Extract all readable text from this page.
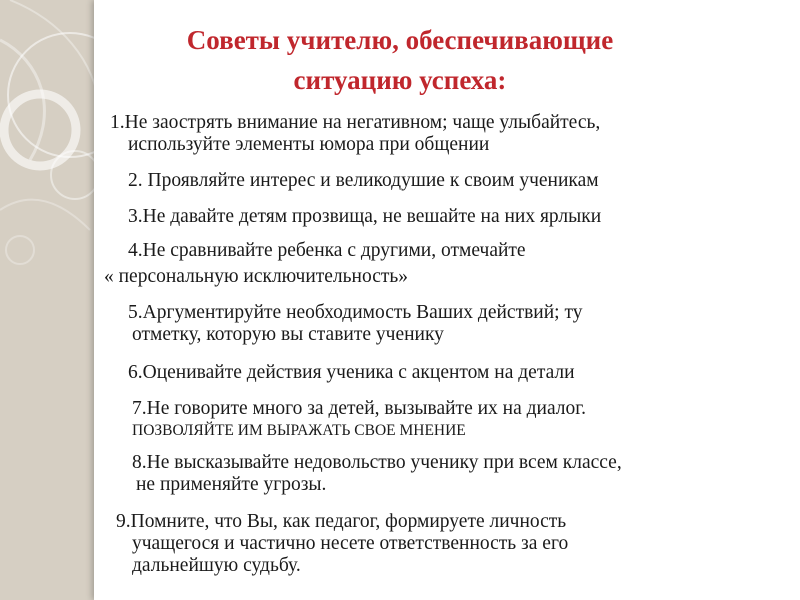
Советы учителю, обеспечивающие
ситуацию успеха:

1.Не заострять внимание на негативном; чаще улыбайтесь,
используйте элементы юмора при общении

2. Проявляйте интерес и великодушие к своим ученикам

3.Не давайте детям прозвища, не вешайте на них ярлыки

4.Не сравнивайте ребенка с другими, отмечайте
« персональную исключительность»

5.Аргументируйте необходимость Ваших действий; ту
отметку, которую вы ставите ученику

6.Оценивайте действия ученика с акцентом на детали

7.Не говорите много за детей, вызывайте их на диалог.
ПОЗВОЛЯЙТЕ ИМ ВЫРАЖАТЬ СВОЕ МНЕНИЕ

8.Не высказывайте недовольство ученику при всем классе,
не применяйте угрозы.

9.Помните, что Вы, как педагог, формируете личность
учащегося и частично несете ответственность за его
дальнейшую судьбу.
